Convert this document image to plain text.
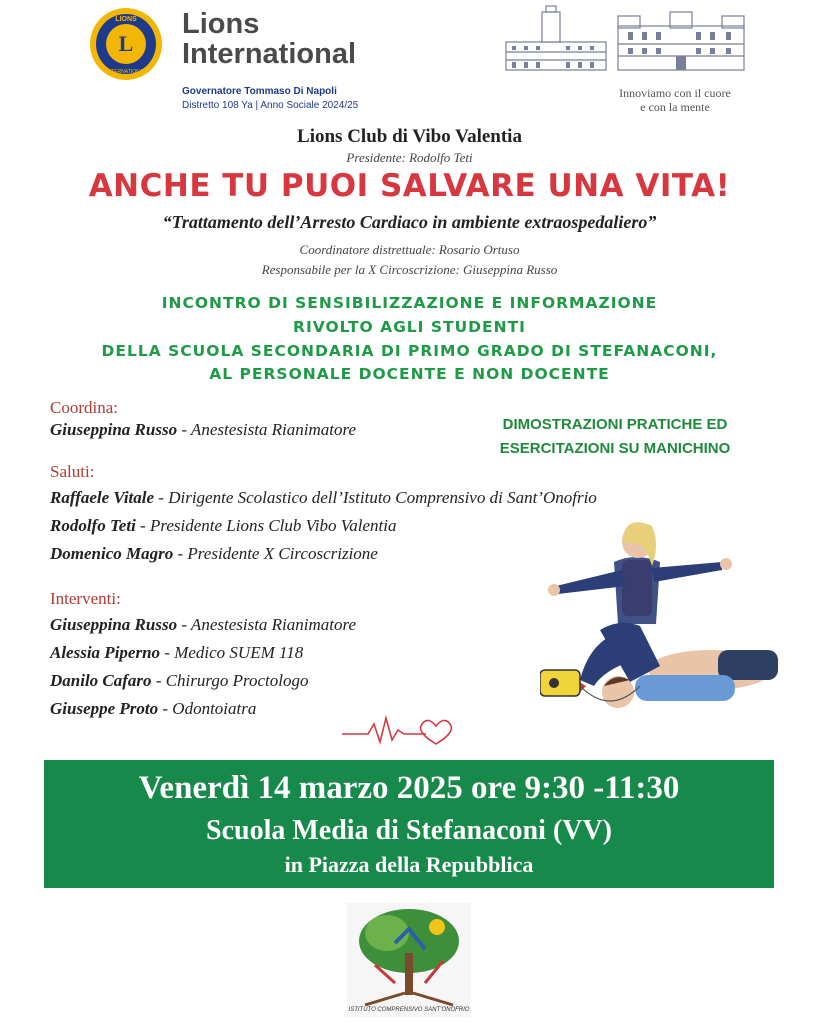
L
LIONS
INTERNATIONAL
Lions
International
Governatore Tommaso Di Napoli
Distretto 108 Ya | Anno Sociale 2024/25
Innoviamo con il cuore
e con la mente
Lions Club di Vibo Valentia
Presidente: Rodolfo Teti
ANCHE TU PUOI SALVARE UNA VITA!
“Trattamento dell’Arresto Cardiaco in ambiente extraospedaliero”
Coordinatore distrettuale: Rosario Ortuso
Responsabile per la X Circoscrizione: Giuseppina Russo
INCONTRO DI SENSIBILIZZAZIONE E INFORMAZIONE
RIVOLTO AGLI STUDENTI
DELLA SCUOLA SECONDARIA DI PRIMO GRADO DI STEFANACONI,
AL PERSONALE DOCENTE E NON DOCENTE
Coordina:
Giuseppina Russo - Anestesista Rianimatore	DIMOSTRAZIONI PRATICHE ED
ESERCITAZIONI SU MANICHINO
Saluti:
Raffaele Vitale - Dirigente Scolastico dell’Istituto Comprensivo di Sant’Onofrio
Rodolfo Teti - Presidente Lions Club Vibo Valentia
Domenico Magro - Presidente X Circoscrizione
Interventi:
Giuseppina Russo - Anestesista Rianimatore
Alessia Piperno - Medico SUEM 118
Danilo Cafaro - Chirurgo Proctologo
Giuseppe Proto - Odontoiatra
Venerdì 14 marzo 2025 ore 9:30 -11:30
Scuola Media di Stefanaconi (VV)
in Piazza della Repubblica
ISTITUTO COMPRENSIVO SANT’ONOFRIO
